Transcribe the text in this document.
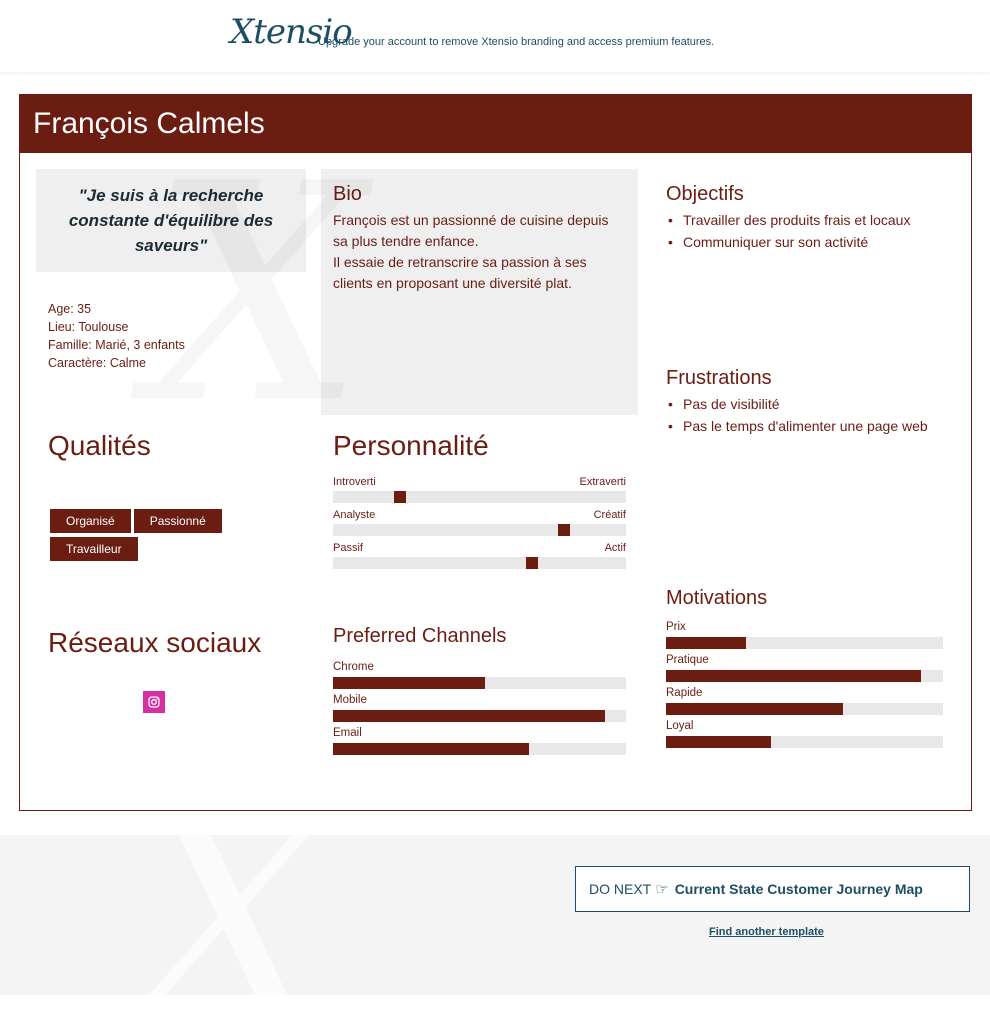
Xtensio
Upgrade your account to remove Xtensio branding and access premium features.
François Calmels
"Je suis à la recherche constante d'équilibre des saveurs"
Age: 35
Lieu: Toulouse
Famille: Marié, 3 enfants
Caractère: Calme
Bio
François est un passionné de cuisine depuis sa plus tendre enfance.
Il essaie de retranscrire sa passion à ses clients en proposant une diversité plat.
Objectifs
• Travailler des produits frais et locaux
• Communiquer sur son activité
Frustrations
• Pas de visibilité
• Pas le temps d'alimenter une page web
Qualités
Organisé	Passionné
Travailleur
Personnalité
Introverti	Extraverti
Analyste	Créatif
Passif	Actif
Réseaux sociaux	Preferred Channels
Chrome
Mobile
Email
Motivations
Prix
Pratique
Rapide
Loyal
X	DO NEXT ☞ Current State Customer Journey Map
Find another template
